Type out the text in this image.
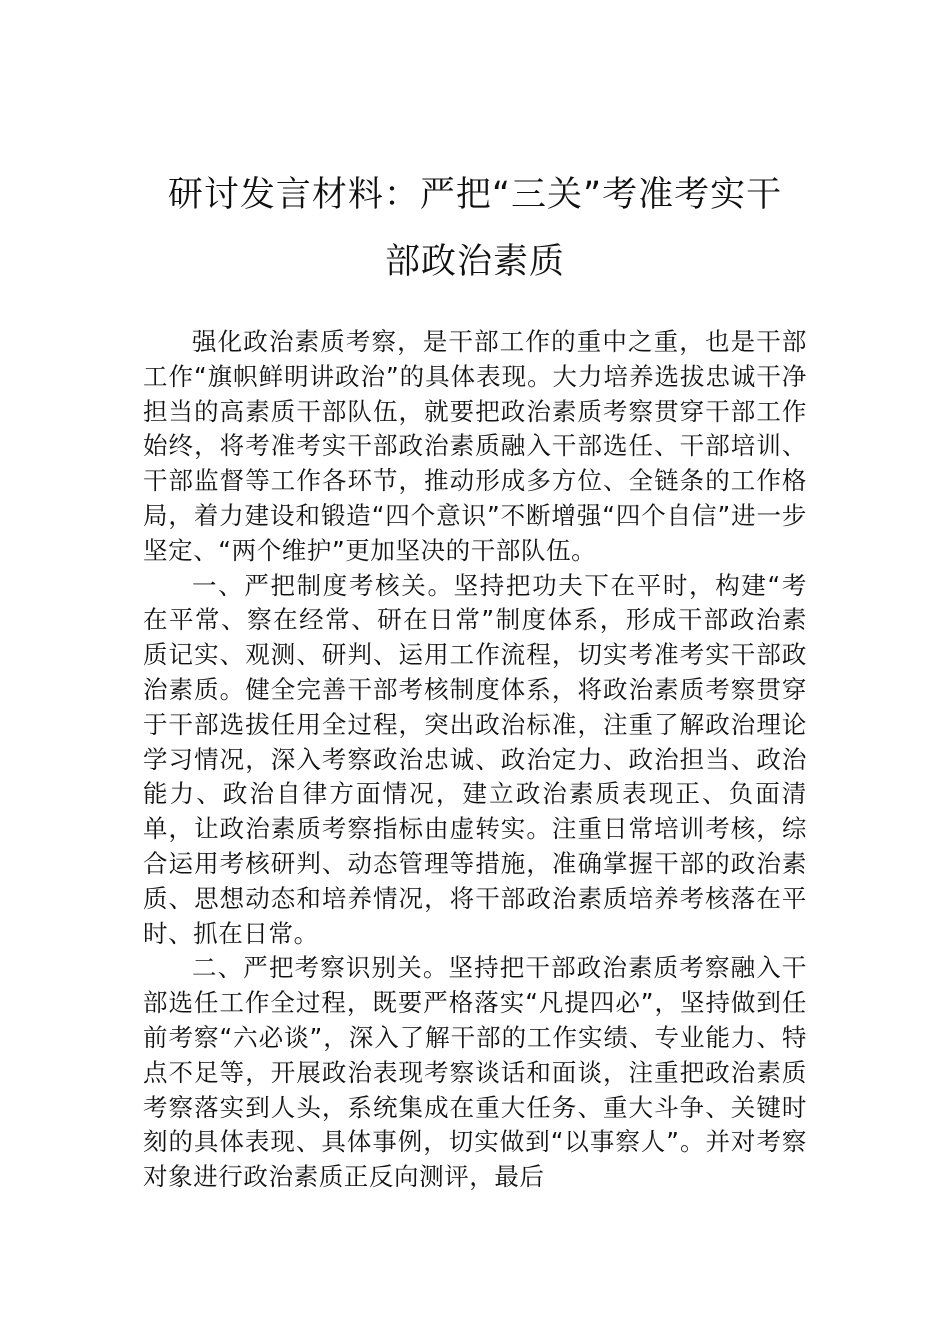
研讨发言材料：严把“三关”考准考实干
部政治素质

强化政治素质考察，是干部工作的重中之重，也是干部工作“旗帜鲜明讲政治”的具体表现。大力培养选拔忠诚干净担当的高素质干部队伍，就要把政治素质考察贯穿干部工作始终，将考准考实干部政治素质融入干部选任、干部培训、干部监督等工作各环节，推动形成多方位、全链条的工作格局，着力建设和锻造“四个意识”不断增强“四个自信”进一步坚定、“两个维护”更加坚决的干部队伍。

一、严把制度考核关。坚持把功夫下在平时，构建“考在平常、察在经常、研在日常”制度体系，形成干部政治素质记实、观测、研判、运用工作流程，切实考准考实干部政治素质。健全完善干部考核制度体系，将政治素质考察贯穿于干部选拔任用全过程，突出政治标准，注重了解政治理论学习情况，深入考察政治忠诚、政治定力、政治担当、政治能力、政治自律方面情况，建立政治素质表现正、负面清单，让政治素质考察指标由虚转实。注重日常培训考核，综合运用考核研判、动态管理等措施，准确掌握干部的政治素质、思想动态和培养情况，将干部政治素质培养考核落在平时、抓在日常。

二、严把考察识别关。坚持把干部政治素质考察融入干部选任工作全过程，既要严格落实“凡提四必”，坚持做到任前考察“六必谈”，深入了解干部的工作实绩、专业能力、特点不足等，开展政治表现考察谈话和面谈，注重把政治素质考察落实到人头，系统集成在重大任务、重大斗争、关键时刻的具体表现、具体事例，切实做到“以事察人”。并对考察对象进行政治素质正反向测评，最后
